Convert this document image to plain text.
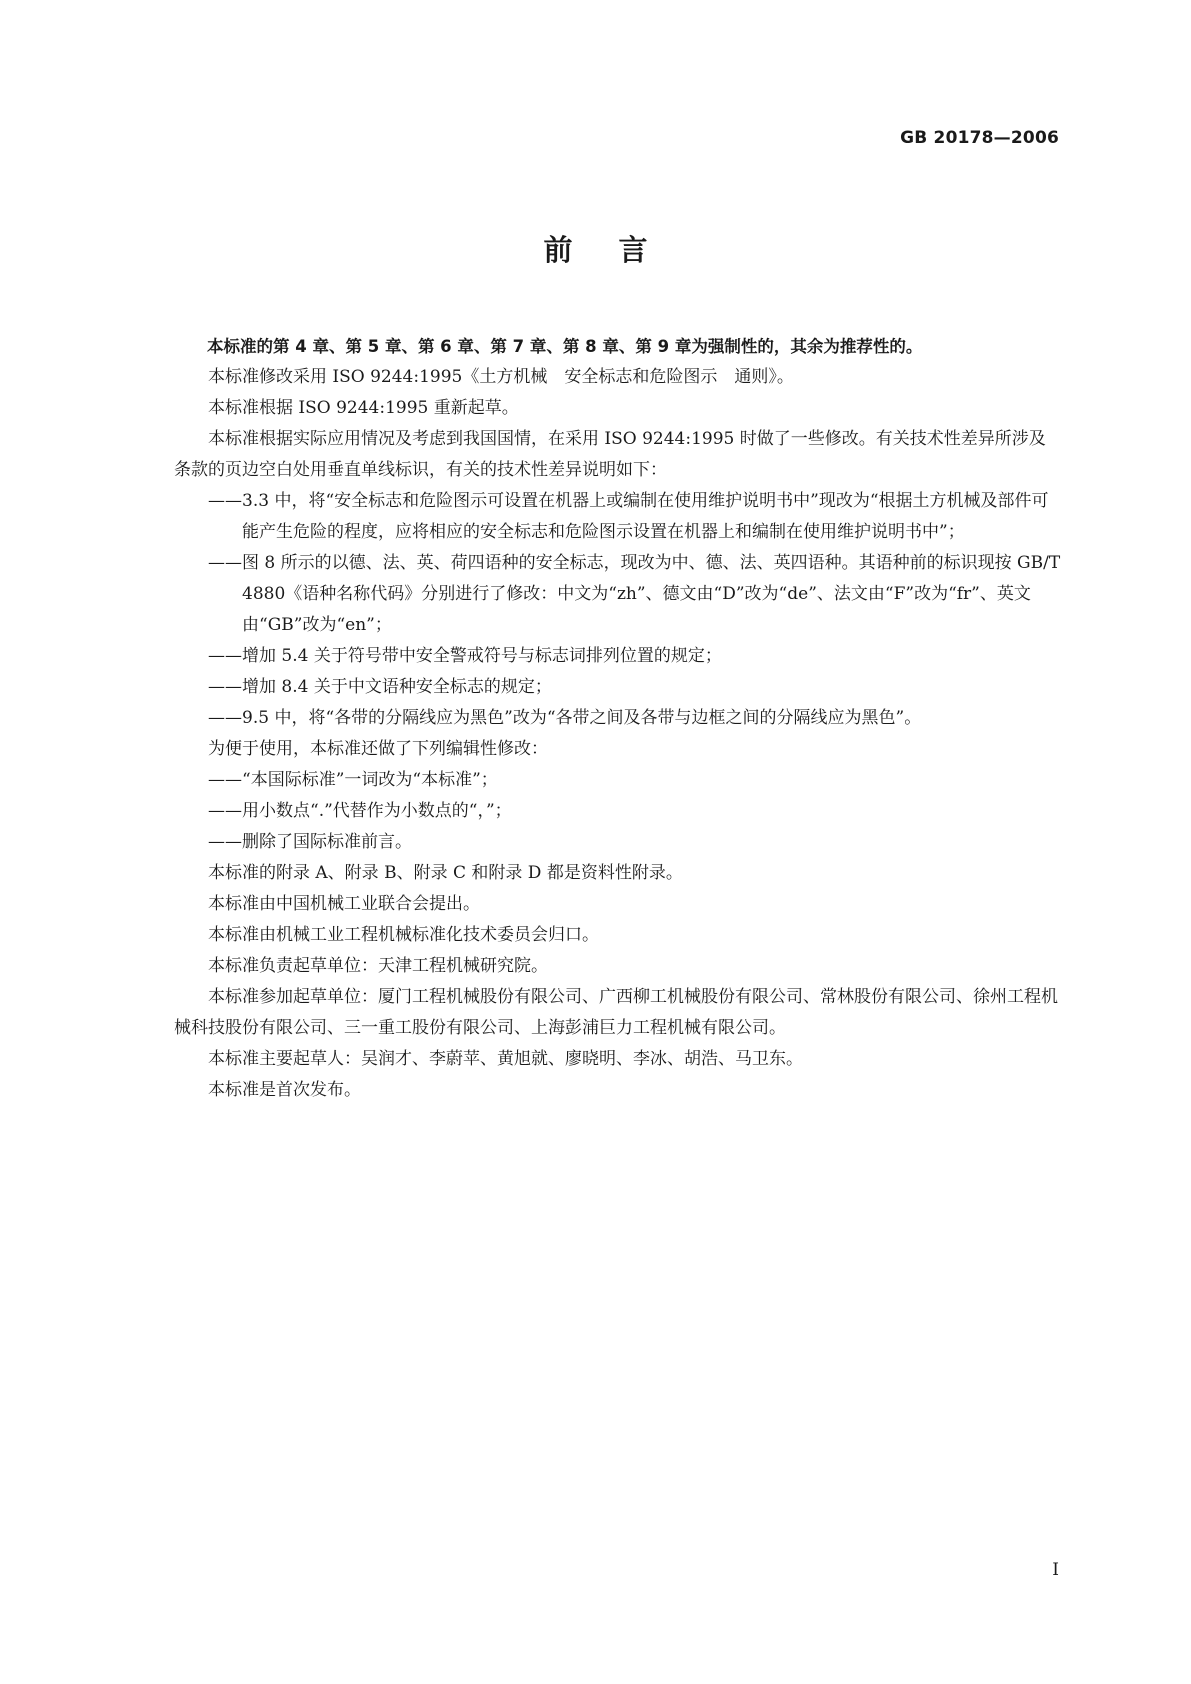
GB 20178—2006
前言

本标准的第 4 章、第 5 章、第 6 章、第 7 章、第 8 章、第 9 章为强制性的，其余为推荐性的。

本标准修改采用 ISO 9244:1995《土方机械　安全标志和危险图示　通则》。

本标准根据 ISO 9244:1995 重新起草。

本标准根据实际应用情况及考虑到我国国情，在采用 ISO 9244:1995 时做了一些修改。有关技术性差异所涉及条款的页边空白处用垂直单线标识，有关的技术性差异说明如下：

——3.3 中，将“安全标志和危险图示可设置在机器上或编制在使用维护说明书中”现改为“根据土方机械及部件可能产生危险的程度，应将相应的安全标志和危险图示设置在机器上和编制在使用维护说明书中”；

——图 8 所示的以德、法、英、荷四语种的安全标志，现改为中、德、法、英四语种。其语种前的标识现按 GB/T 4880《语种名称代码》分别进行了修改：中文为“zh”、德文由“D”改为“de”、法文由“F”改为“fr”、英文由“GB”改为“en”；

——增加 5.4 关于符号带中安全警戒符号与标志词排列位置的规定；

——增加 8.4 关于中文语种安全标志的规定；

——9.5 中，将“各带的分隔线应为黑色”改为“各带之间及各带与边框之间的分隔线应为黑色”。

为便于使用，本标准还做了下列编辑性修改：

——“本国际标准”一词改为“本标准”；

——用小数点“.”代替作为小数点的“，”；

——删除了国际标准前言。

本标准的附录 A、附录 B、附录 C 和附录 D 都是资料性附录。

本标准由中国机械工业联合会提出。

本标准由机械工业工程机械标准化技术委员会归口。

本标准负责起草单位：天津工程机械研究院。

本标准参加起草单位：厦门工程机械股份有限公司、广西柳工机械股份有限公司、常林股份有限公司、徐州工程机械科技股份有限公司、三一重工股份有限公司、上海彭浦巨力工程机械有限公司。

本标准主要起草人：吴润才、李蔚苹、黄旭就、廖晓明、李冰、胡浩、马卫东。

本标准是首次发布。

I
